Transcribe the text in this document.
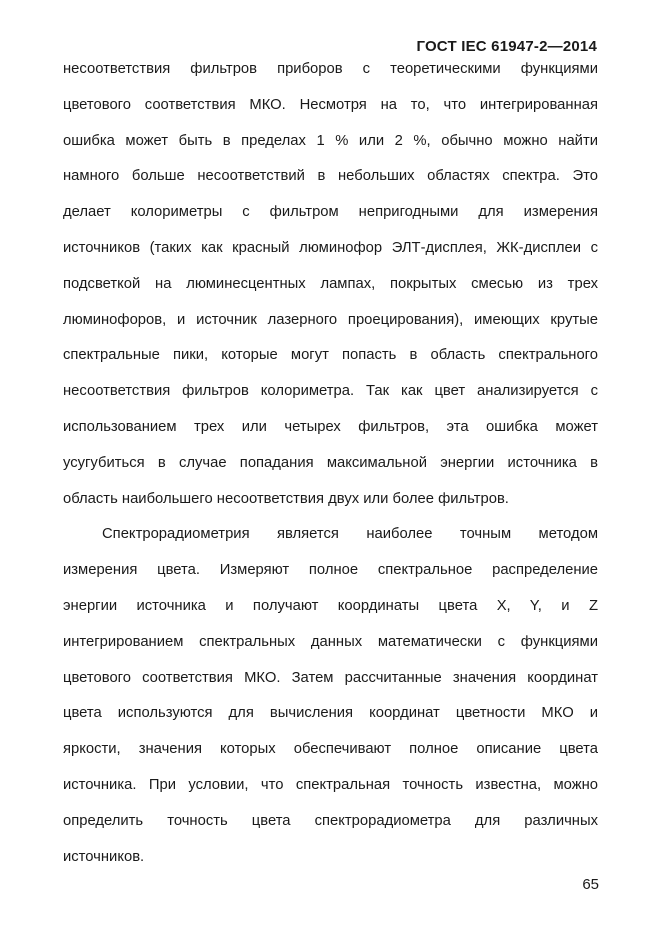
ГОСТ IEC 61947-2—2014
несоответствия фильтров приборов с теоретическими функциями
цветового соответствия МКО. Несмотря на то, что интегрированная
ошибка может быть в пределах 1 % или 2 %, обычно можно найти
намного больше несоответствий в небольших областях спектра. Это
делает колориметры с фильтром непригодными для измерения
источников (таких как красный люминофор ЭЛТ-дисплея, ЖК-дисплеи с
подсветкой на люминесцентных лампах, покрытых смесью из трех
люминофоров, и источник лазерного проецирования), имеющих крутые
спектральные пики, которые могут попасть в область спектрального
несоответствия фильтров колориметра. Так как цвет анализируется с
использованием трех или четырех фильтров, эта ошибка может
усугубиться в случае попадания максимальной энергии источника в
область наибольшего несоответствия двух или более фильтров.
Спектрорадиометрия является наиболее точным методом
измерения цвета. Измеряют полное спектральное распределение
энергии источника и получают координаты цвета X, Y, и Z
интегрированием спектральных данных математически с функциями
цветового соответствия МКО. Затем рассчитанные значения координат
цвета используются для вычисления координат цветности МКО и
яркости, значения которых обеспечивают полное описание цвета
источника. При условии, что спектральная точность известна, можно
определить точность цвета спектрорадиометра для различных
источников.
65
